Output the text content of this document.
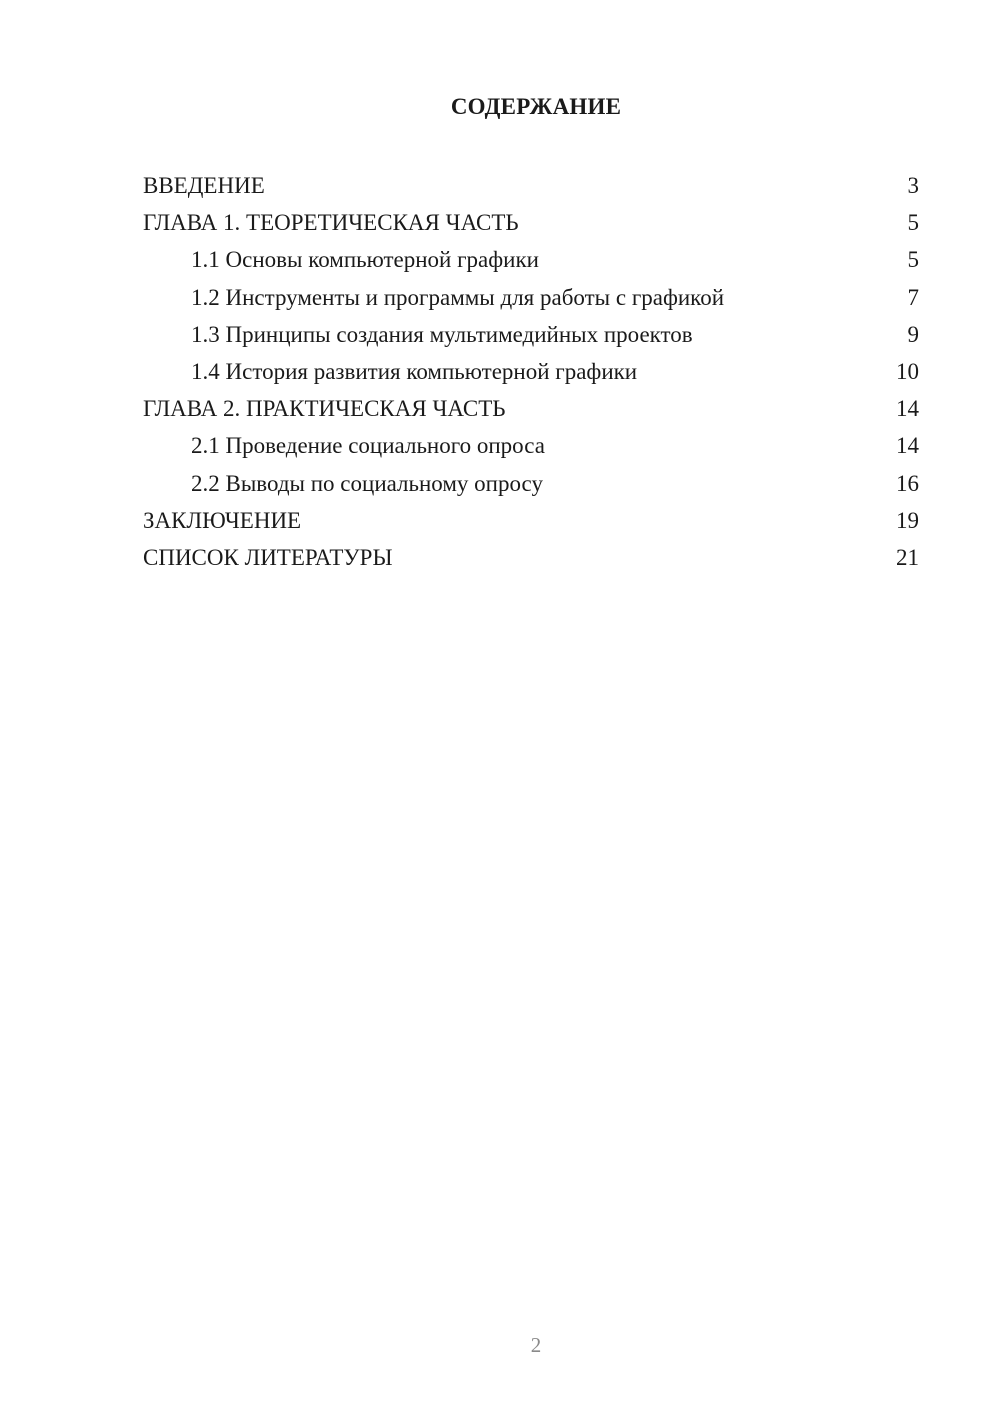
СОДЕРЖАНИЕ
ВВЕДЕНИЕ	3
ГЛАВА 1. ТЕОРЕТИЧЕСКАЯ ЧАСТЬ	5
1.1 Основы компьютерной графики	5
1.2 Инструменты и программы для работы с графикой	7
1.3 Принципы создания мультимедийных проектов	9
1.4 История развития компьютерной графики	10
ГЛАВА 2. ПРАКТИЧЕСКАЯ ЧАСТЬ	14
2.1 Проведение социального опроса	14
2.2 Выводы по социальному опросу	16
ЗАКЛЮЧЕНИЕ	19
СПИСОК ЛИТЕРАТУРЫ	21
2
